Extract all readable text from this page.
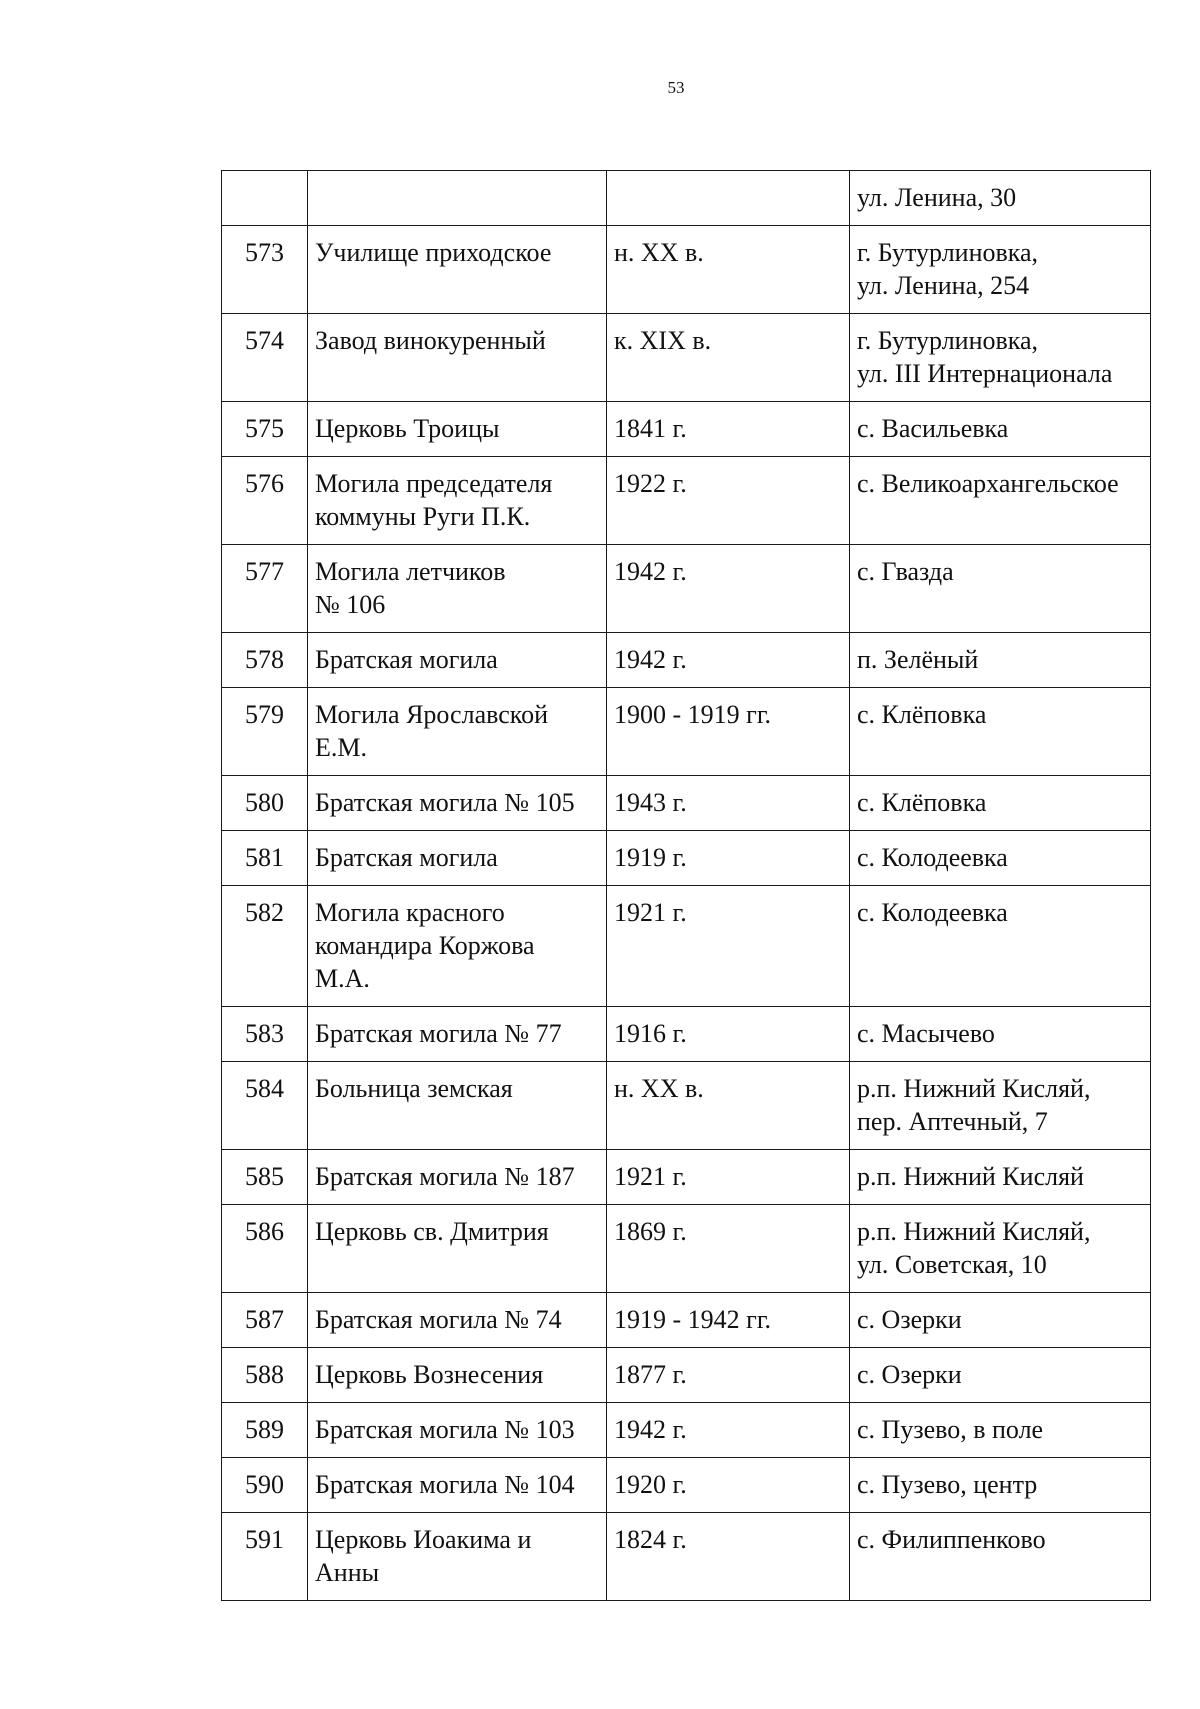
53

			ул. Ленина, 30

573	Училище приходское	н. XX в.	г. Бутурлиновка,
ул. Ленина, 254

574	Завод винокуренный	к. XIX в.	г. Бутурлиновка,
ул. III Интернационала

575	Церковь Троицы	1841 г.	с. Васильевка

576	Могила председателя
коммуны Руги П.К.	1922 г.	с. Великоархангельское

577	Могила летчиков
№ 106	1942 г.	с. Гвазда

578	Братская могила	1942 г.	п. Зелёный

579	Могила Ярославской
Е.М.	1900 - 1919 гг.	с. Клёповка

580	Братская могила № 105	1943 г.	с. Клёповка

581	Братская могила	1919 г.	с. Колодеевка

582	Могила красного
командира Коржова
М.А.	1921 г.	с. Колодеевка

583	Братская могила № 77	1916 г.	с. Масычево

584	Больница земская	н. XX в.	р.п. Нижний Кисляй,
пер. Аптечный, 7

585	Братская могила № 187	1921 г.	р.п. Нижний Кисляй

586	Церковь св. Дмитрия	1869 г.	р.п. Нижний Кисляй,
ул. Советская, 10

587	Братская могила № 74	1919 - 1942 гг.	с. Озерки

588	Церковь Вознесения	1877 г.	с. Озерки

589	Братская могила № 103	1942 г.	с. Пузево, в поле

590	Братская могила № 104	1920 г.	с. Пузево, центр

591	Церковь Иоакима и
Анны	1824 г.	с. Филиппенково
